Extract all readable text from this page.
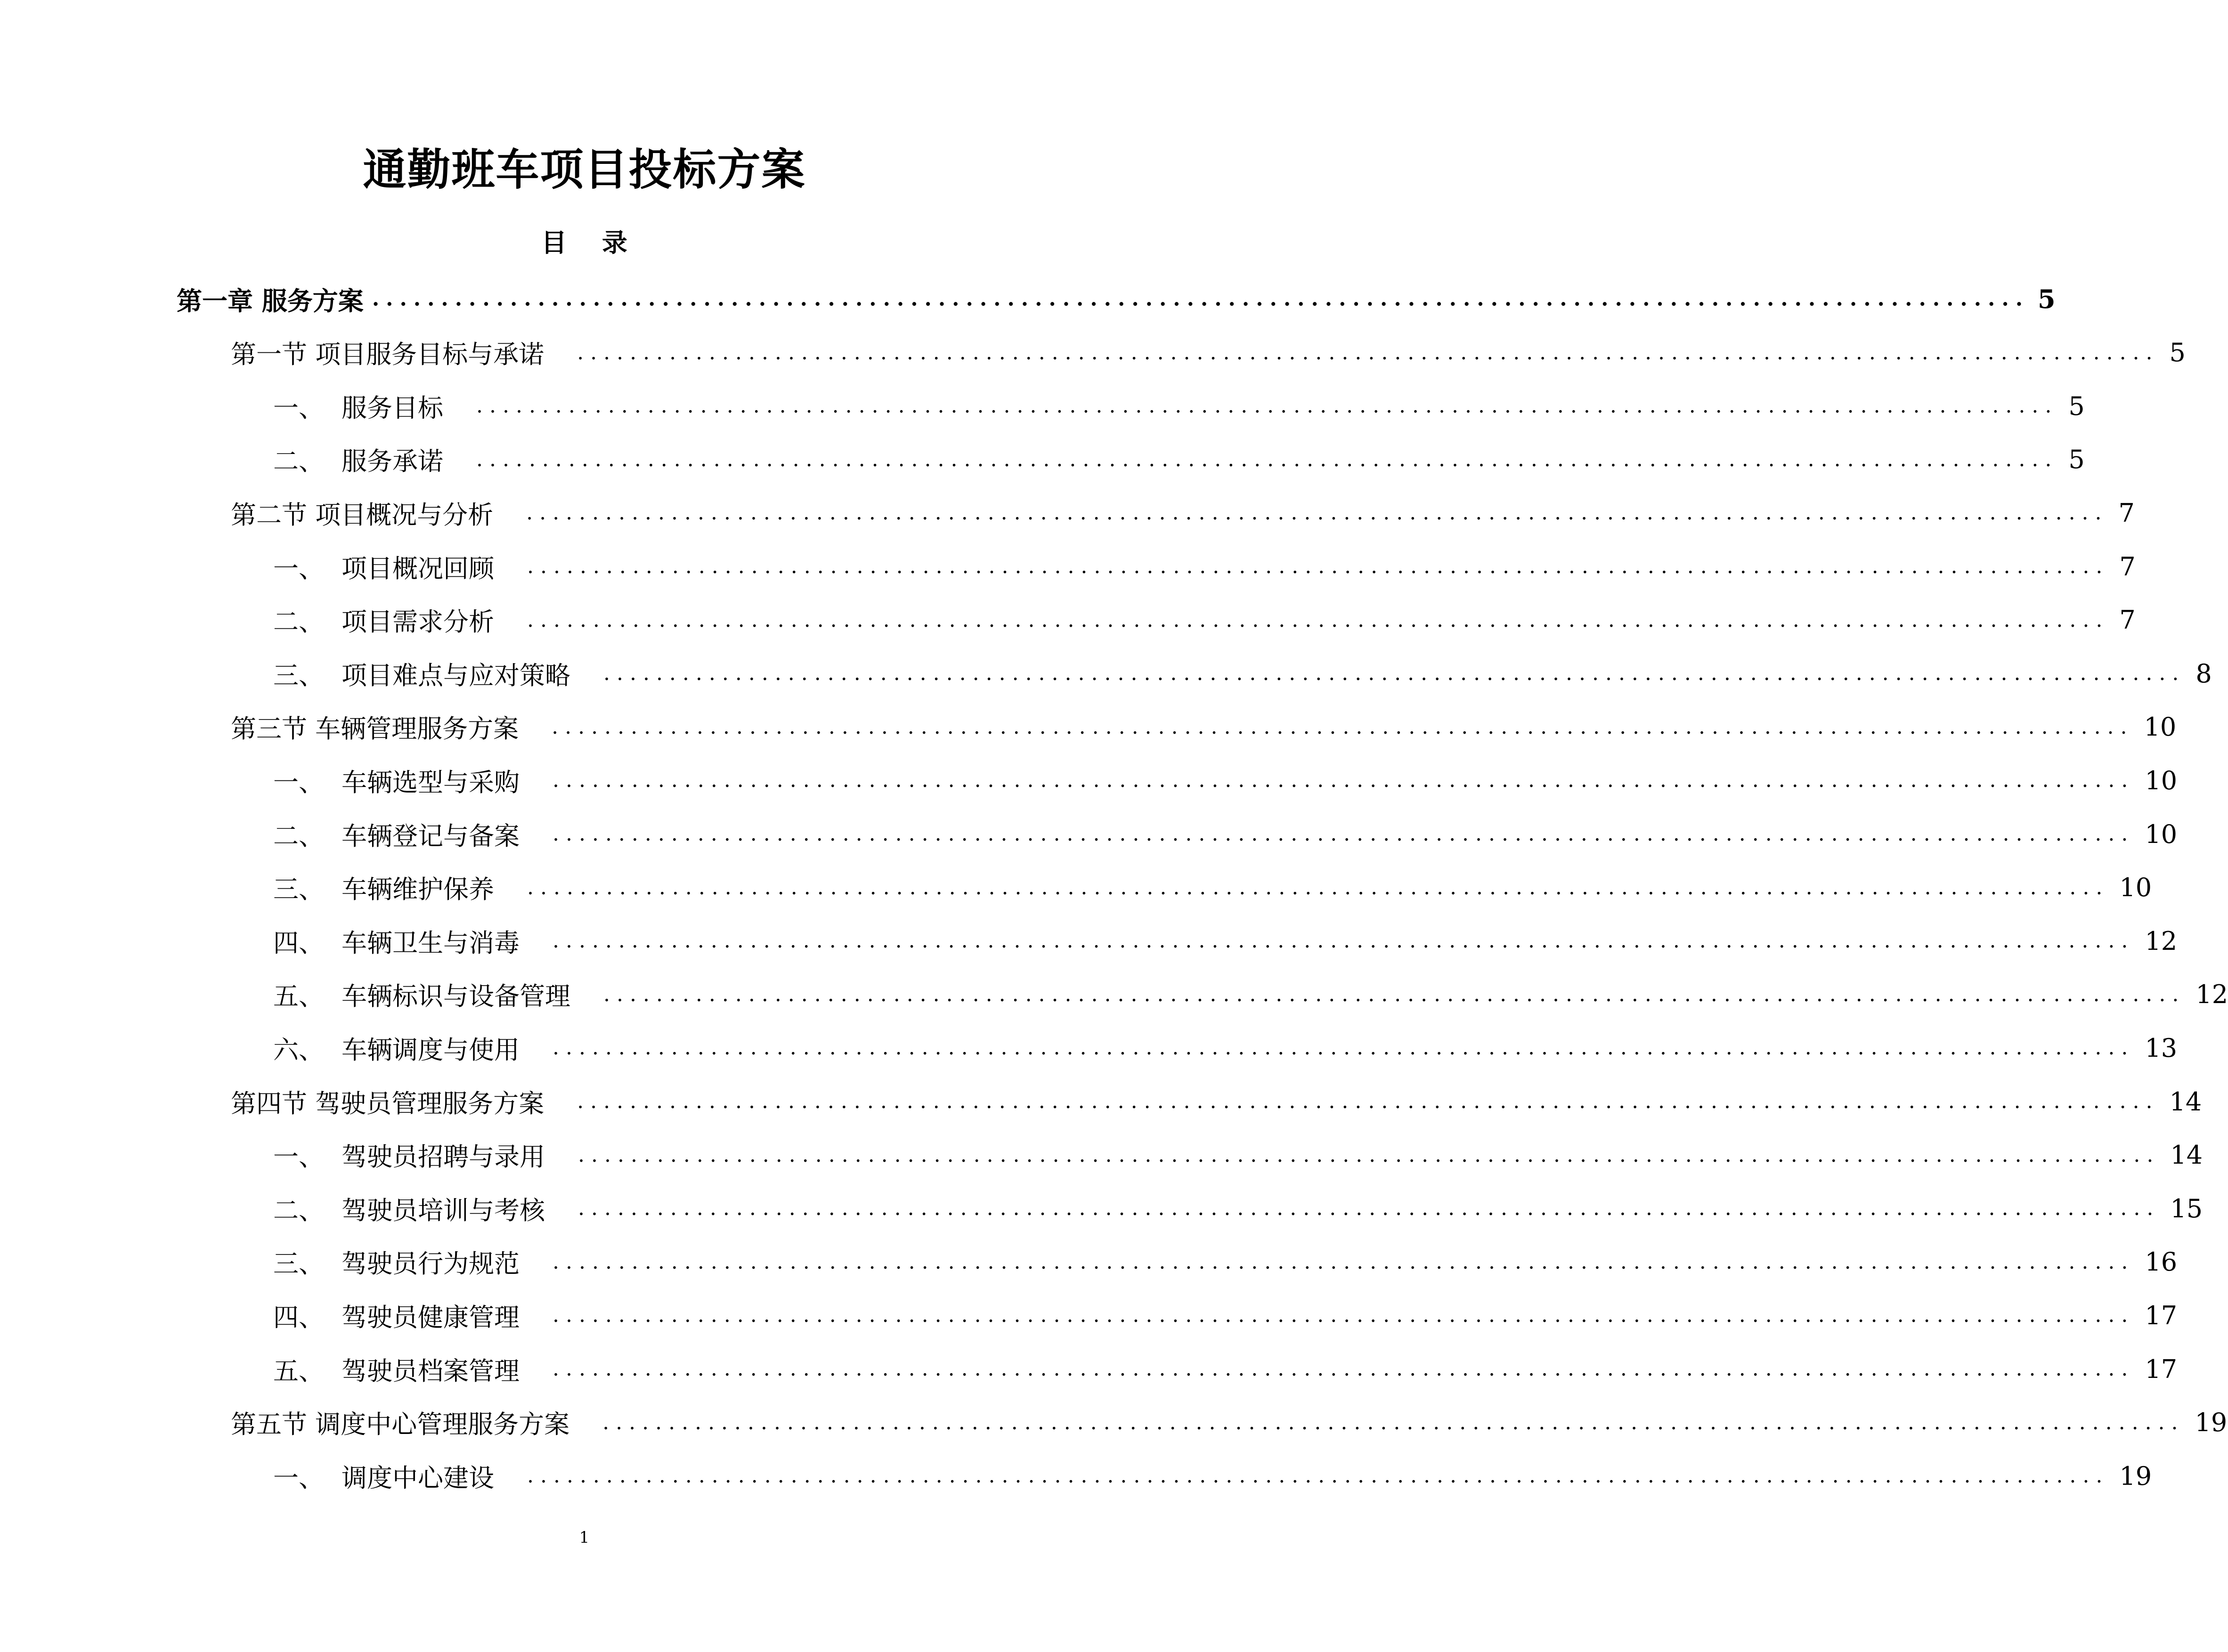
通勤班车项目投标方案
目 录
第一章 服务方案 ........................................................................................................................ 5
第一节 项目服务目标与承诺 ........................................................................................................................ 5
一、 服务目标 ........................................................................................................................ 5
二、 服务承诺 ........................................................................................................................ 5
第二节 项目概况与分析 ........................................................................................................................ 7
一、 项目概况回顾 ........................................................................................................................ 7
二、 项目需求分析 ........................................................................................................................ 7
三、 项目难点与应对策略 ........................................................................................................................ 8
第三节 车辆管理服务方案 ........................................................................................................................ 10
一、 车辆选型与采购 ........................................................................................................................ 10
二、 车辆登记与备案 ........................................................................................................................ 10
三、 车辆维护保养 ........................................................................................................................ 10
四、 车辆卫生与消毒 ........................................................................................................................ 12
五、 车辆标识与设备管理 ........................................................................................................................ 12
六、 车辆调度与使用 ........................................................................................................................ 13
第四节 驾驶员管理服务方案 ........................................................................................................................ 14
一、 驾驶员招聘与录用 ........................................................................................................................ 14
二、 驾驶员培训与考核 ........................................................................................................................ 15
三、 驾驶员行为规范 ........................................................................................................................ 16
四、 驾驶员健康管理 ........................................................................................................................ 17
五、 驾驶员档案管理 ........................................................................................................................ 17
第五节 调度中心管理服务方案 ........................................................................................................................ 19
一、 调度中心建设 ........................................................................................................................ 19
1
